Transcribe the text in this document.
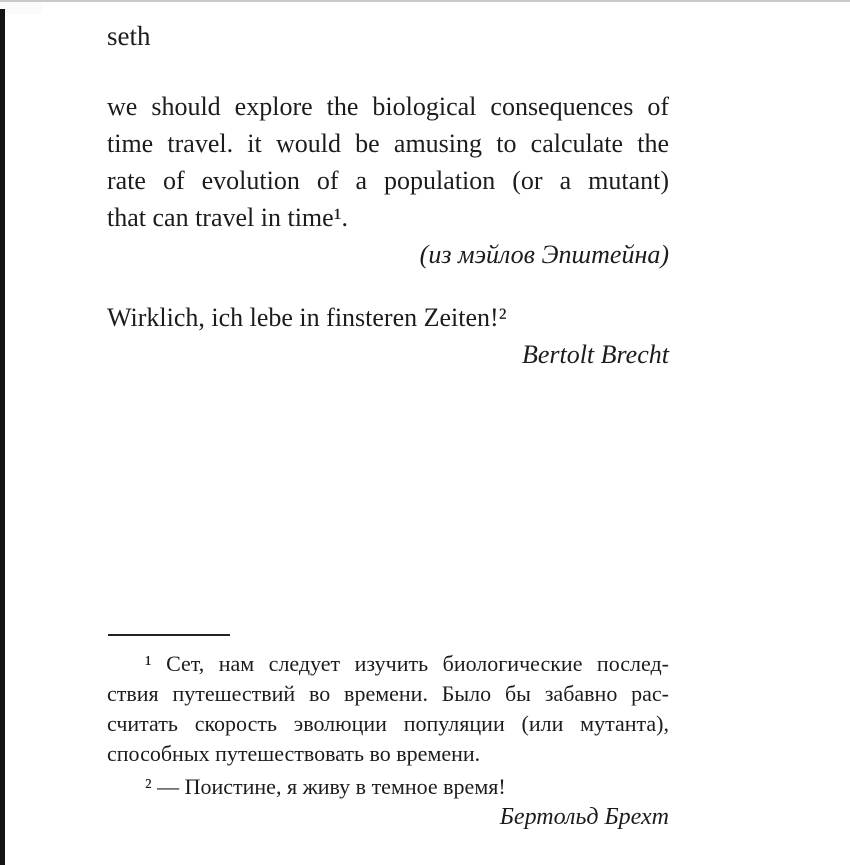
seth
we should explore the biological consequences of
time travel. it would be amusing to calculate the
rate of evolution of a population (or a mutant)
that can travel in time¹.
(из мэйлов Эпштейна)
Wirklich, ich lebe in finsteren Zeiten!²
Bertolt Brecht
¹ Сет, нам следует изучить биологические послед-
ствия путешествий во времени. Было бы забавно рас-
считать скорость эволюции популяции (или мутанта),
способных путешествовать во времени.
² — Поистине, я живу в темное время!
Бертольд Брехт
